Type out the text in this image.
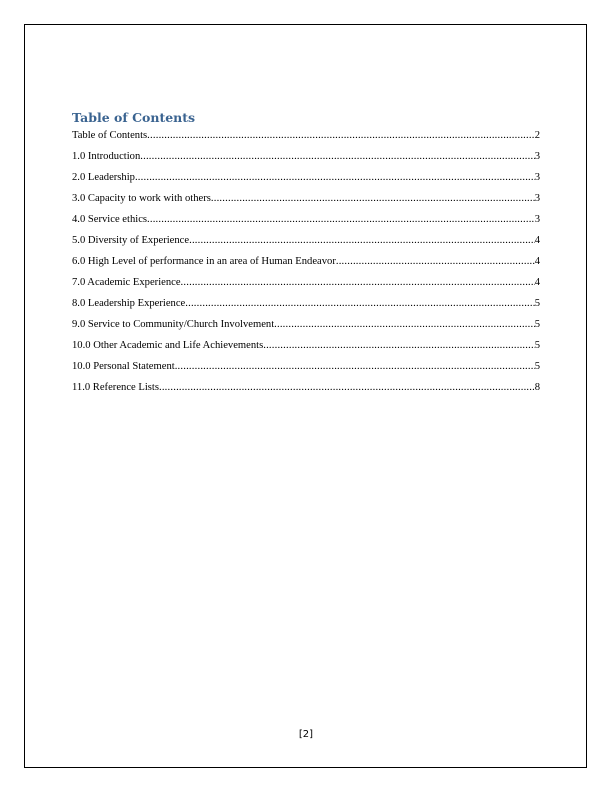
Table of Contents
Table of Contents .....	2
1.0 Introduction .....	3
2.0 Leadership .....	3
3.0 Capacity to work with others .....	3
4.0 Service ethics .....	3
5.0 Diversity of Experience .....	4
6.0 High Level of performance in an area of Human Endeavor .....	4
7.0 Academic Experience .....	4
8.0 Leadership Experience .....	5
9.0 Service to Community/Church Involvement .....	5
10.0 Other Academic and Life Achievements .....	5
10.0 Personal Statement .....	5
11.0 Reference Lists .....	8
[2]
